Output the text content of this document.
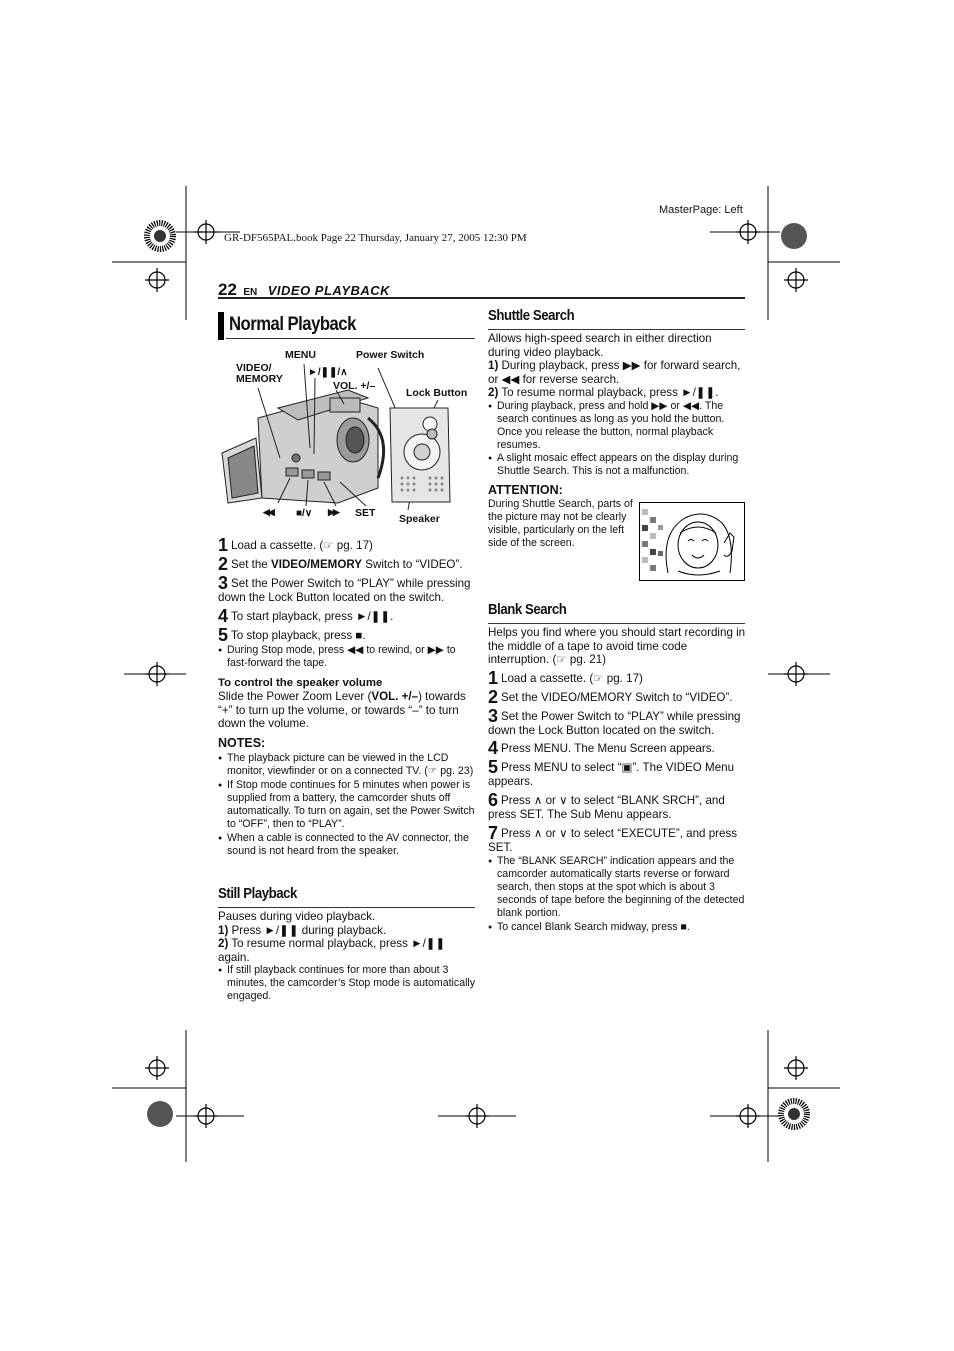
MasterPage: Left
GR-DF565PAL.book Page 22 Thursday, January 27, 2005 12:30 PM
22 EN VIDEO PLAYBACK
Normal Playback
MENU	Power Switch
VIDEO/
MEMORY
►/❚❚/∧
VOL. +/–
Lock Button
◀◀ ■/∨ ▶▶ SET Speaker
1 Load a cassette. (☞ pg. 17)
2 Set the VIDEO/MEMORY Switch to “VIDEO”.
3 Set the Power Switch to “PLAY” while pressing down the Lock Button located on the switch.
4 To start playback, press ►/❚❚.
5 To stop playback, press ■.
● During Stop mode, press ◀◀ to rewind, or ▶▶ to fast-forward the tape.
To control the speaker volume
Slide the Power Zoom Lever (VOL. +/–) towards “+” to turn up the volume, or towards “–” to turn down the volume.
NOTES:
● The playback picture can be viewed in the LCD monitor, viewfinder or on a connected TV. (☞ pg. 23)
● If Stop mode continues for 5 minutes when power is supplied from a battery, the camcorder shuts off automatically. To turn on again, set the Power Switch to “OFF”, then to “PLAY”.
● When a cable is connected to the AV connector, the sound is not heard from the speaker.
Still Playback
Pauses during video playback.
1) Press ►/❚❚ during playback.
2) To resume normal playback, press ►/❚❚ again.
● If still playback continues for more than about 3 minutes, the camcorder’s Stop mode is automatically engaged.
Shuttle Search
Allows high-speed search in either direction during video playback.
1) During playback, press ▶▶ for forward search, or ◀◀ for reverse search.
2) To resume normal playback, press ►/❚❚.
● During playback, press and hold ▶▶ or ◀◀. The search continues as long as you hold the button. Once you release the button, normal playback resumes.
● A slight mosaic effect appears on the display during Shuttle Search. This is not a malfunction.
ATTENTION:
During Shuttle Search, parts of the picture may not be clearly visible, particularly on the left side of the screen.
Blank Search
Helps you find where you should start recording in the middle of a tape to avoid time code interruption. (☞ pg. 21)
1 Load a cassette. (☞ pg. 17)
2 Set the VIDEO/MEMORY Switch to “VIDEO”.
3 Set the Power Switch to “PLAY” while pressing down the Lock Button located on the switch.
4 Press MENU. The Menu Screen appears.
5 Press MENU to select “▣”. The VIDEO Menu appears.
6 Press ∧ or ∨ to select “BLANK SRCH”, and press SET. The Sub Menu appears.
7 Press ∧ or ∨ to select “EXECUTE”, and press SET.
● The “BLANK SEARCH” indication appears and the camcorder automatically starts reverse or forward search, then stops at the spot which is about 3 seconds of tape before the beginning of the detected blank portion.
● To cancel Blank Search midway, press ■.
